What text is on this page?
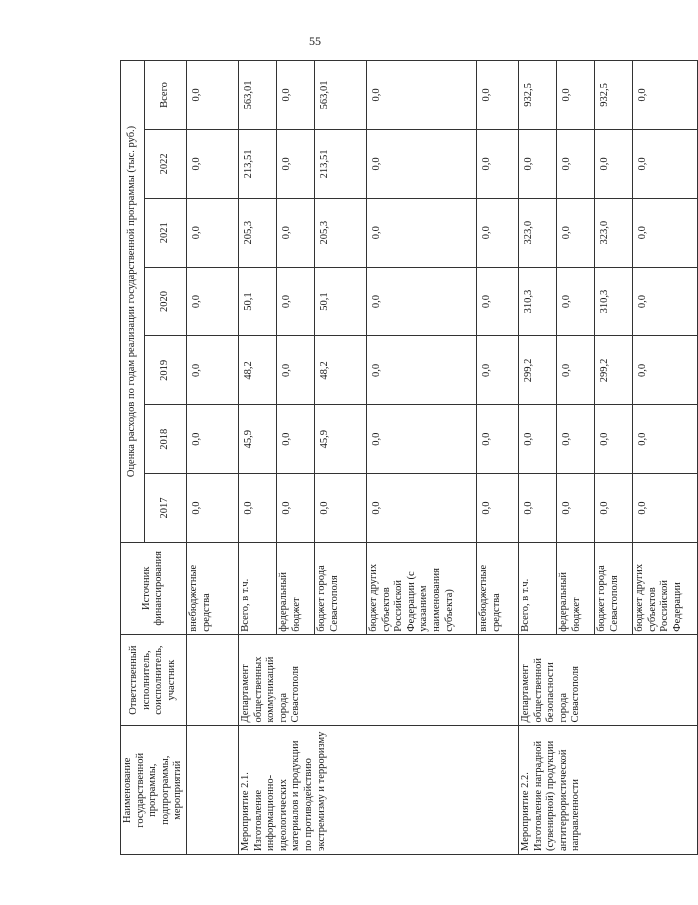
55
Наименование государственной программы, подпрограммы, мероприятий	Ответственный исполнитель, соисполнитель, участник	Источник финансирования	Оценка расходов по годам реализации государственной программы (тыс. руб.)						
			2017	2018	2019	2020	2021	2022	Всего
		внебюджетные средства	0,0	0,0	0,0	0,0	0,0	0,0	0,0
Мероприятие 2.1. Изготовление информационно-идеологических материалов и продукции по противодействию экстремизму и терроризму	Департамент общественных коммуникаций города Севастополя	Всего, в т.ч.	0,0	45,9	48,2	50,1	205,3	213,51	563,01
		федеральный бюджет	0,0	0,0	0,0	0,0	0,0	0,0	0,0
		бюджет города Севастополя	0,0	45,9	48,2	50,1	205,3	213,51	563,01
		бюджет других субъектов Российской Федерации (с указанием наименования субъекта)	0,0	0,0	0,0	0,0	0,0	0,0	0,0
		внебюджетные средства	0,0	0,0	0,0	0,0	0,0	0,0	0,0
Мероприятие 2.2. Изготовление наградной (сувенирной) продукции антитеррористической направленности	Департамент общественной безопасности города Севастополя	Всего, в т.ч.	0,0	0,0	299,2	310,3	323,0	0,0	932,5
		федеральный бюджет	0,0	0,0	0,0	0,0	0,0	0,0	0,0
		бюджет города Севастополя	0,0	0,0	299,2	310,3	323,0	0,0	932,5
		бюджет других субъектов Российской Федерации	0,0	0,0	0,0	0,0	0,0	0,0	0,0
